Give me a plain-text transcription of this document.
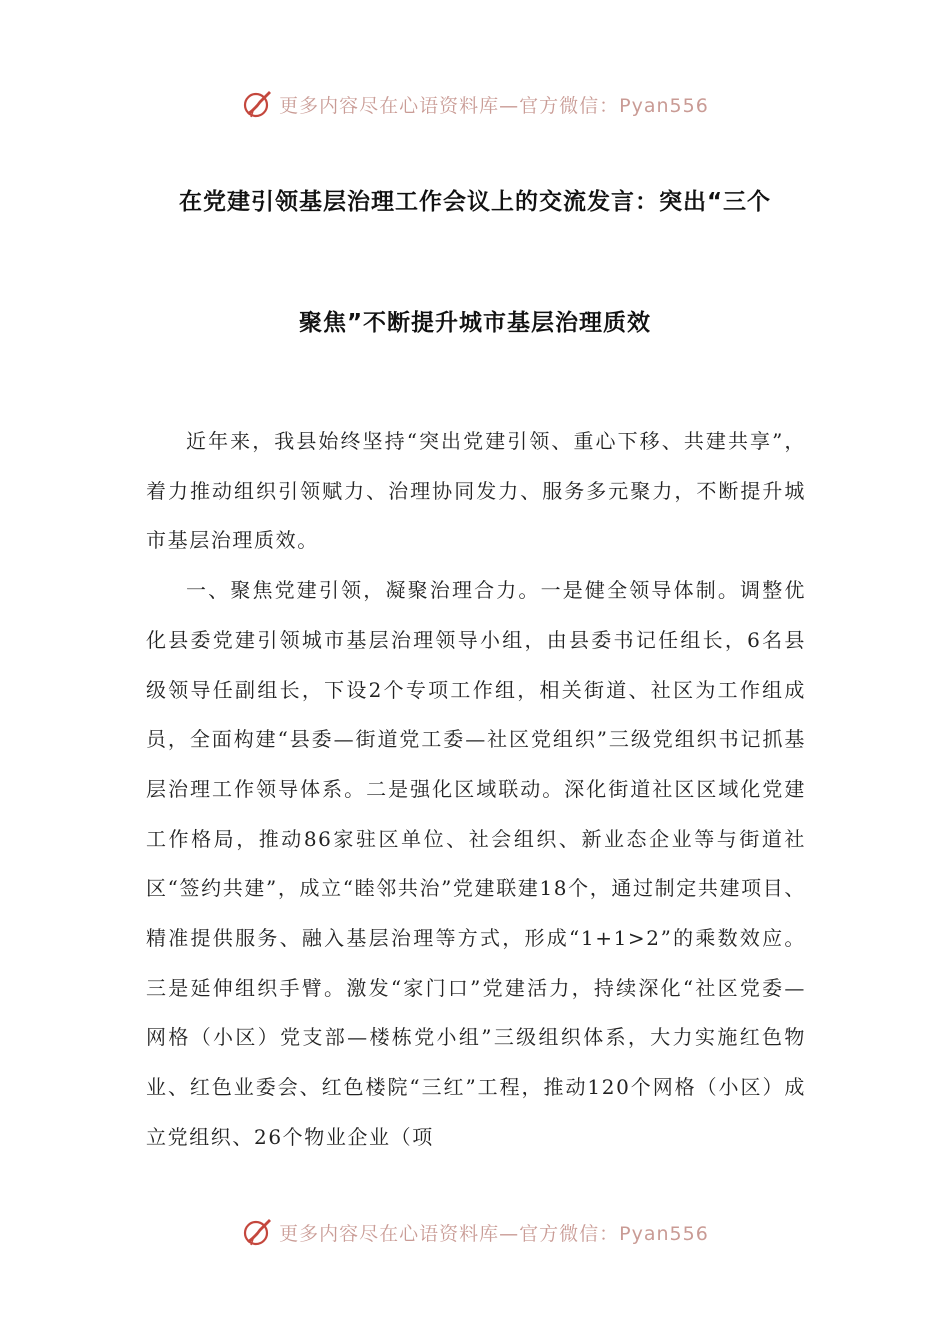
更多内容尽在心语资料库—官方微信：Pyan556
在党建引领基层治理工作会议上的交流发言：突出“三个
聚焦”不断提升城市基层治理质效

近年来，我县始终坚持“突出党建引领、重心下移、共建共享”，着力推动组织引领赋力、治理协同发力、服务多元聚力，不断提升城市基层治理质效。

一、聚焦党建引领，凝聚治理合力。一是健全领导体制。调整优化县委党建引领城市基层治理领导小组，由县委书记任组长，6名县级领导任副组长，下设2个专项工作组，相关街道、社区为工作组成员，全面构建“县委—街道党工委—社区党组织”三级党组织书记抓基层治理工作领导体系。二是强化区域联动。深化街道社区区域化党建工作格局，推动86家驻区单位、社会组织、新业态企业等与街道社区“签约共建”，成立“睦邻共治”党建联建18个，通过制定共建项目、精准提供服务、融入基层治理等方式，形成“1+1>2”的乘数效应。三是延伸组织手臂。激发“家门口”党建活力，持续深化“社区党委—网格（小区）党支部—楼栋党小组”三级组织体系，大力实施红色物业、红色业委会、红色楼院“三红”工程，推动120个网格（小区）成立党组织、26个物业企业（项

更多内容尽在心语资料库—官方微信：Pyan556
